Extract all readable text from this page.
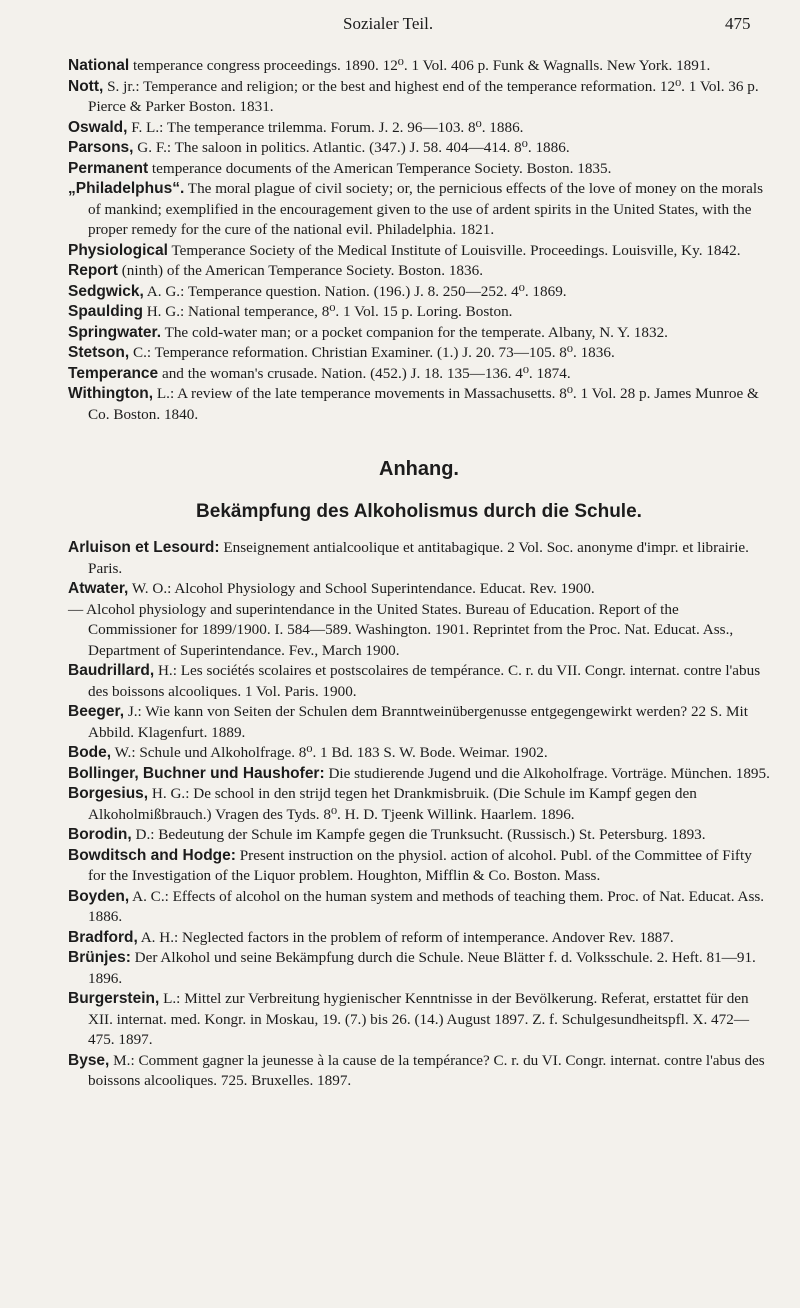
Sozialer Teil.	475

National temperance congress proceedings. 1890. 12⁰. 1 Vol. 406 p. Funk & Wagnalls. New York. 1891.

Nott, S. jr.: Temperance and religion; or the best and highest end of the temperance reformation. 12⁰. 1 Vol. 36 p. Pierce & Parker Boston. 1831.

Oswald, F. L.: The temperance trilemma. Forum. J. 2. 96—103. 8⁰. 1886.

Parsons, G. F.: The saloon in politics. Atlantic. (347.) J. 58. 404—414. 8⁰. 1886.

Permanent temperance documents of the American Temperance Society. Boston. 1835.

„Philadelphus“. The moral plague of civil society; or, the pernicious effects of the love of money on the morals of mankind; exemplified in the encouragement given to the use of ardent spirits in the United States, with the proper remedy for the cure of the national evil. Philadelphia. 1821.

Physiological Temperance Society of the Medical Institute of Louisville. Proceedings. Louisville, Ky. 1842.

Report (ninth) of the American Temperance Society. Boston. 1836.

Sedgwick, A. G.: Temperance question. Nation. (196.) J. 8. 250—252. 4⁰. 1869.

Spaulding H. G.: National temperance, 8⁰. 1 Vol. 15 p. Loring. Boston.

Springwater. The cold-water man; or a pocket companion for the temperate. Albany, N. Y. 1832.

Stetson, C.: Temperance reformation. Christian Examiner. (1.) J. 20. 73—105. 8⁰. 1836.

Temperance and the woman's crusade. Nation. (452.) J. 18. 135—136. 4⁰. 1874.

Withington, L.: A review of the late temperance movements in Massachusetts. 8⁰. 1 Vol. 28 p. James Munroe & Co. Boston. 1840.

Anhang.
Bekämpfung des Alkoholismus durch die Schule.

Arluison et Lesourd: Enseignement antialcoolique et antitabagique. 2 Vol. Soc. anonyme d'impr. et librairie. Paris.

Atwater, W. O.: Alcohol Physiology and School Superintendance. Educat. Rev. 1900.

— Alcohol physiology and superintendance in the United States. Bureau of Education. Report of the Commissioner for 1899/1900. I. 584—589. Washington. 1901. Reprintet from the Proc. Nat. Educat. Ass., Department of Superintendance. Fev., March 1900.

Baudrillard, H.: Les sociétés scolaires et postscolaires de tempérance. C. r. du VII. Congr. internat. contre l'abus des boissons alcooliques. 1 Vol. Paris. 1900.

Beeger, J.: Wie kann von Seiten der Schulen dem Branntweinübergenusse entgegengewirkt werden? 22 S. Mit Abbild. Klagenfurt. 1889.

Bode, W.: Schule und Alkoholfrage. 8⁰. 1 Bd. 183 S. W. Bode. Weimar. 1902.

Bollinger, Buchner und Haushofer: Die studierende Jugend und die Alkoholfrage. Vorträge. München. 1895.

Borgesius, H. G.: De school in den strijd tegen het Drankmisbruik. (Die Schule im Kampf gegen den Alkoholmißbrauch.) Vragen des Tyds. 8⁰. H. D. Tjeenk Willink. Haarlem. 1896.

Borodin, D.: Bedeutung der Schule im Kampfe gegen die Trunksucht. (Russisch.) St. Petersburg. 1893.

Bowditsch and Hodge: Present instruction on the physiol. action of alcohol. Publ. of the Committee of Fifty for the Investigation of the Liquor problem. Houghton, Mifflin & Co. Boston. Mass.

Boyden, A. C.: Effects of alcohol on the human system and methods of teaching them. Proc. of Nat. Educat. Ass. 1886.

Bradford, A. H.: Neglected factors in the problem of reform of intemperance. Andover Rev. 1887.

Brünjes: Der Alkohol und seine Bekämpfung durch die Schule. Neue Blätter f. d. Volksschule. 2. Heft. 81—91. 1896.

Burgerstein, L.: Mittel zur Verbreitung hygienischer Kenntnisse in der Bevölkerung. Referat, erstattet für den XII. internat. med. Kongr. in Moskau, 19. (7.) bis 26. (14.) August 1897. Z. f. Schulgesundheitspfl. X. 472—475. 1897.

Byse, M.: Comment gagner la jeunesse à la cause de la tempérance? C. r. du VI. Congr. internat. contre l'abus des boissons alcooliques. 725. Bruxelles. 1897.
